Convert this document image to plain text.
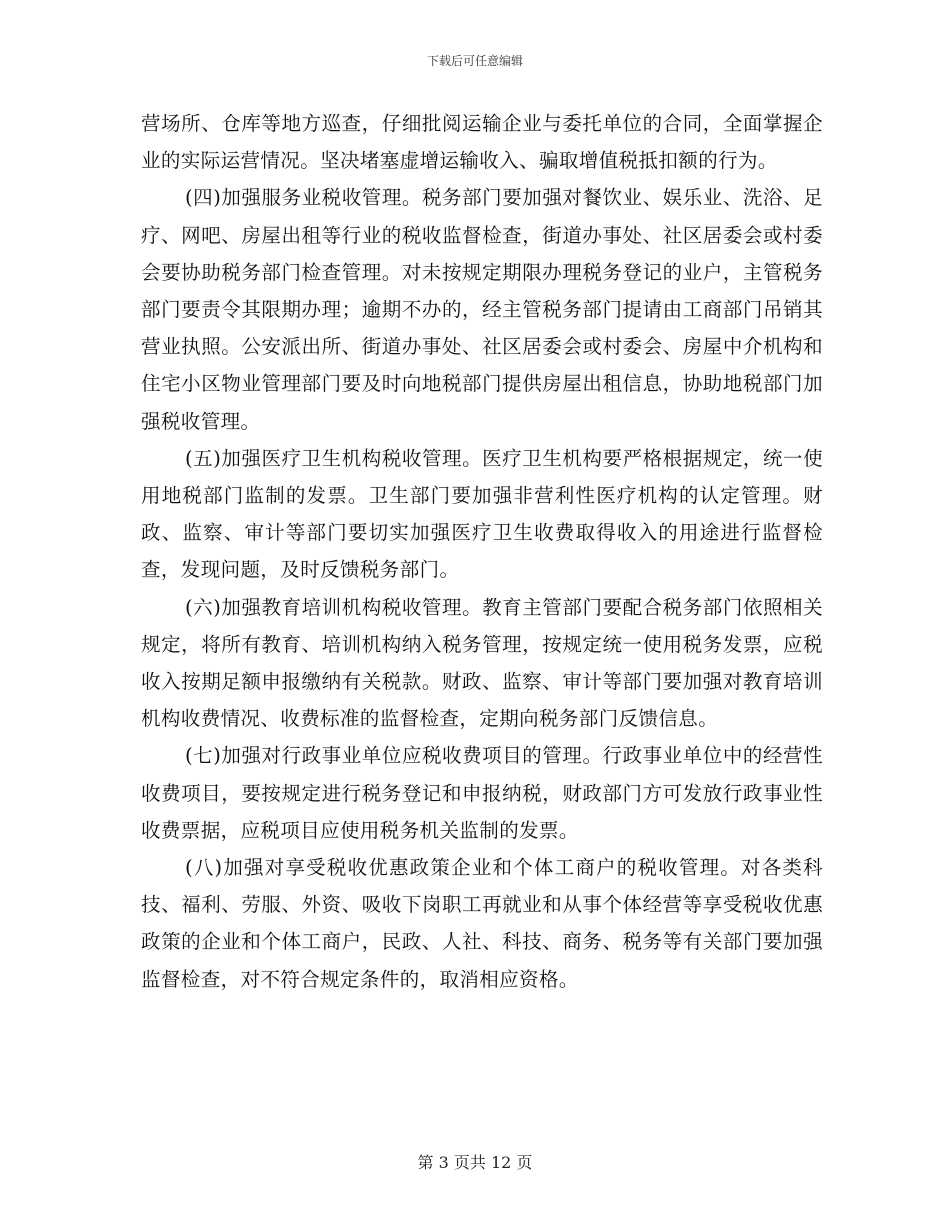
下载后可任意编辑

营场所、仓库等地方巡查，仔细批阅运输企业与委托单位的合同，全面掌握企业的实际运营情况。坚决堵塞虚增运输收入、骗取增值税抵扣额的行为。

(四)加强服务业税收管理。税务部门要加强对餐饮业、娱乐业、洗浴、足疗、网吧、房屋出租等行业的税收监督检查，街道办事处、社区居委会或村委会要协助税务部门检查管理。对未按规定期限办理税务登记的业户，主管税务部门要责令其限期办理；逾期不办的，经主管税务部门提请由工商部门吊销其营业执照。公安派出所、街道办事处、社区居委会或村委会、房屋中介机构和住宅小区物业管理部门要及时向地税部门提供房屋出租信息，协助地税部门加强税收管理。

(五)加强医疗卫生机构税收管理。医疗卫生机构要严格根据规定，统一使用地税部门监制的发票。卫生部门要加强非营利性医疗机构的认定管理。财政、监察、审计等部门要切实加强医疗卫生收费取得收入的用途进行监督检查，发现问题，及时反馈税务部门。

(六)加强教育培训机构税收管理。教育主管部门要配合税务部门依照相关规定，将所有教育、培训机构纳入税务管理，按规定统一使用税务发票，应税收入按期足额申报缴纳有关税款。财政、监察、审计等部门要加强对教育培训机构收费情况、收费标准的监督检查，定期向税务部门反馈信息。

(七)加强对行政事业单位应税收费项目的管理。行政事业单位中的经营性收费项目，要按规定进行税务登记和申报纳税，财政部门方可发放行政事业性收费票据，应税项目应使用税务机关监制的发票。

(八)加强对享受税收优惠政策企业和个体工商户的税收管理。对各类科技、福利、劳服、外资、吸收下岗职工再就业和从事个体经营等享受税收优惠政策的企业和个体工商户，民政、人社、科技、商务、税务等有关部门要加强监督检查，对不符合规定条件的，取消相应资格。

第 3 页共 12 页
